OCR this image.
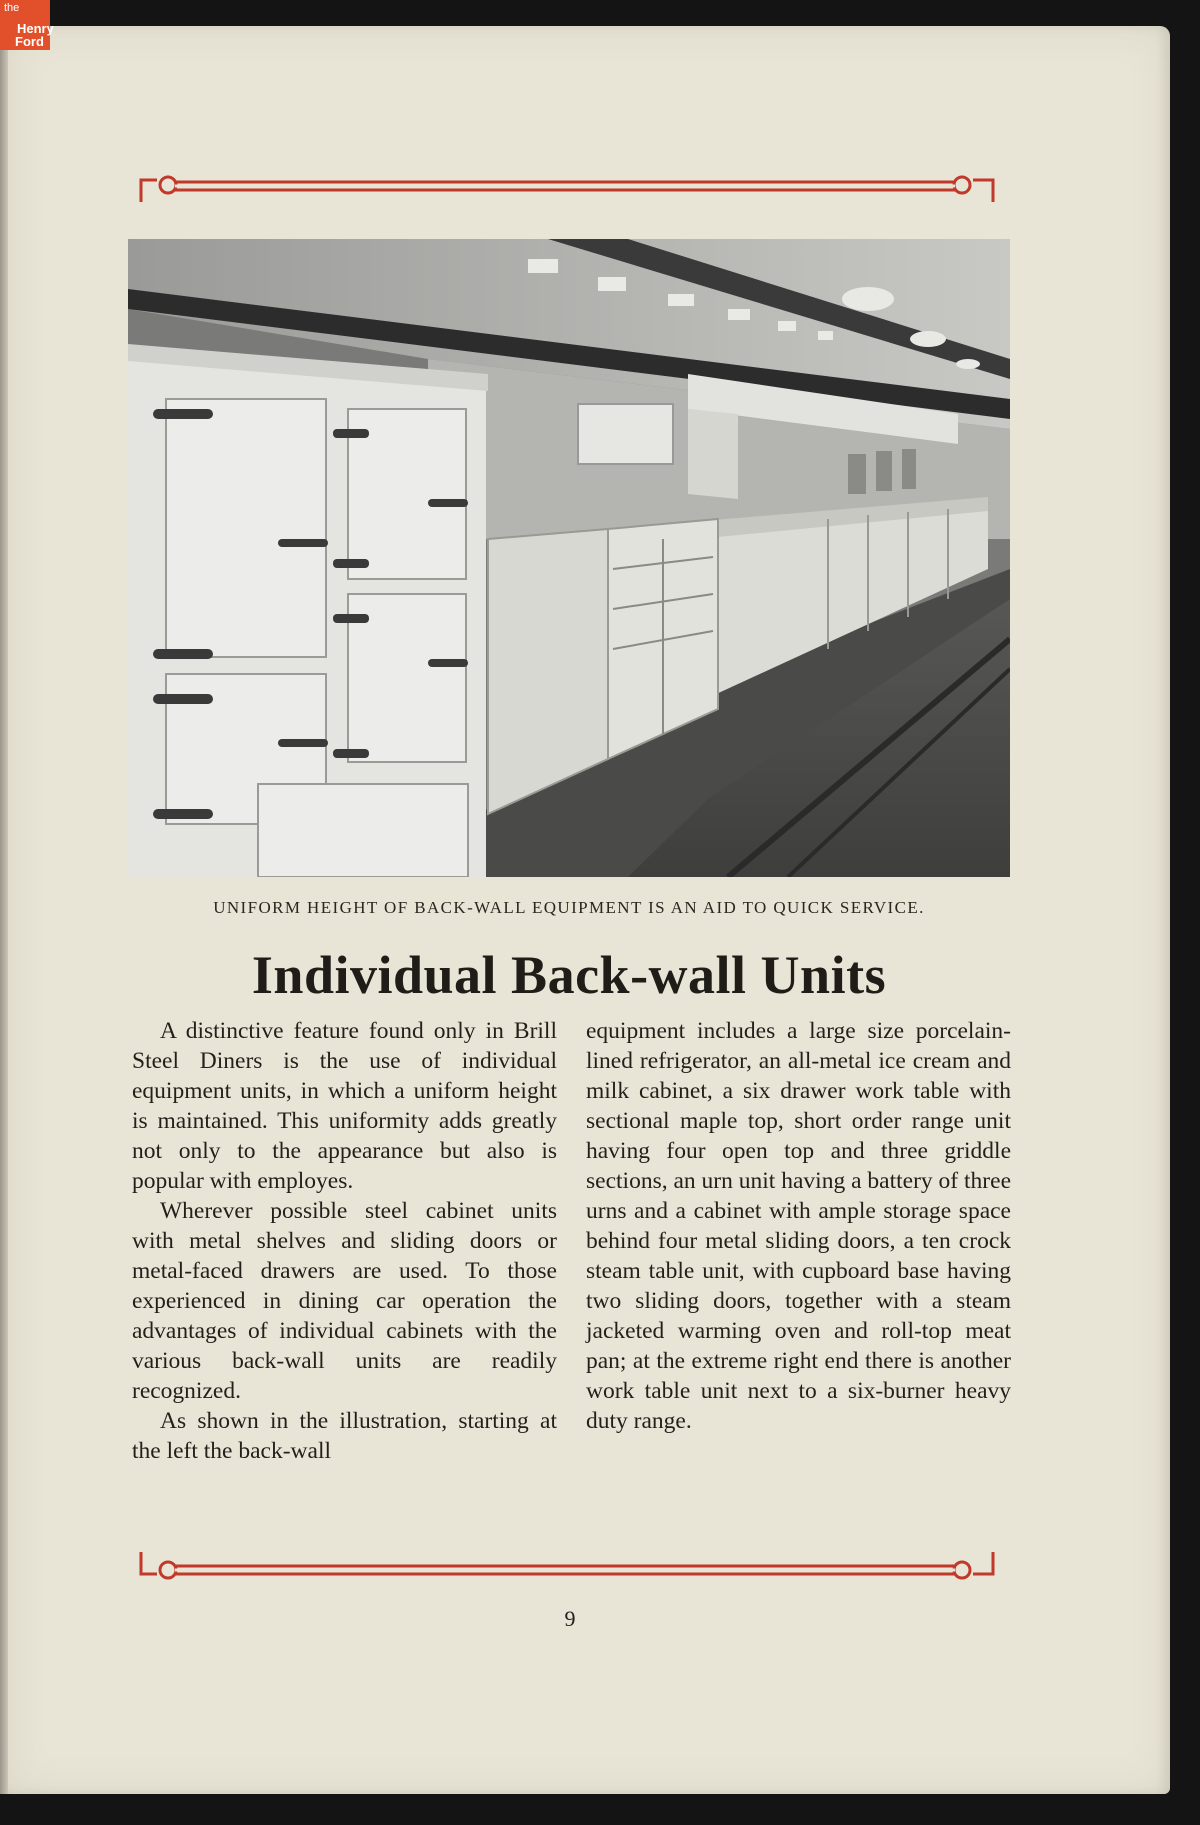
the
Henry
Ford
UNIFORM HEIGHT OF BACK-WALL EQUIPMENT IS AN AID TO QUICK SERVICE.
Individual Back-wall Units

A distinctive feature found only in Brill Steel Diners is the use of individual equipment units, in which a uniform height is maintained. This uniformity adds greatly not only to the appearance but also is popular with employes.

Wherever possible steel cabinet units with metal shelves and sliding doors or metal-faced drawers are used. To those experienced in dining car operation the advantages of individual cabinets with the various back-wall units are readily recognized.

As shown in the illustration, starting at the left the back-wall

equipment includes a large size porcelain-lined refrigerator, an all-metal ice cream and milk cabinet, a six drawer work table with sectional maple top, short order range unit having four open top and three griddle sections, an urn unit having a battery of three urns and a cabinet with ample storage space behind four metal sliding doors, a ten crock steam table unit, with cupboard base having two sliding doors, together with a steam jacketed warming oven and roll-top meat pan; at the extreme right end there is another work table unit next to a six-burner heavy duty range.

9
